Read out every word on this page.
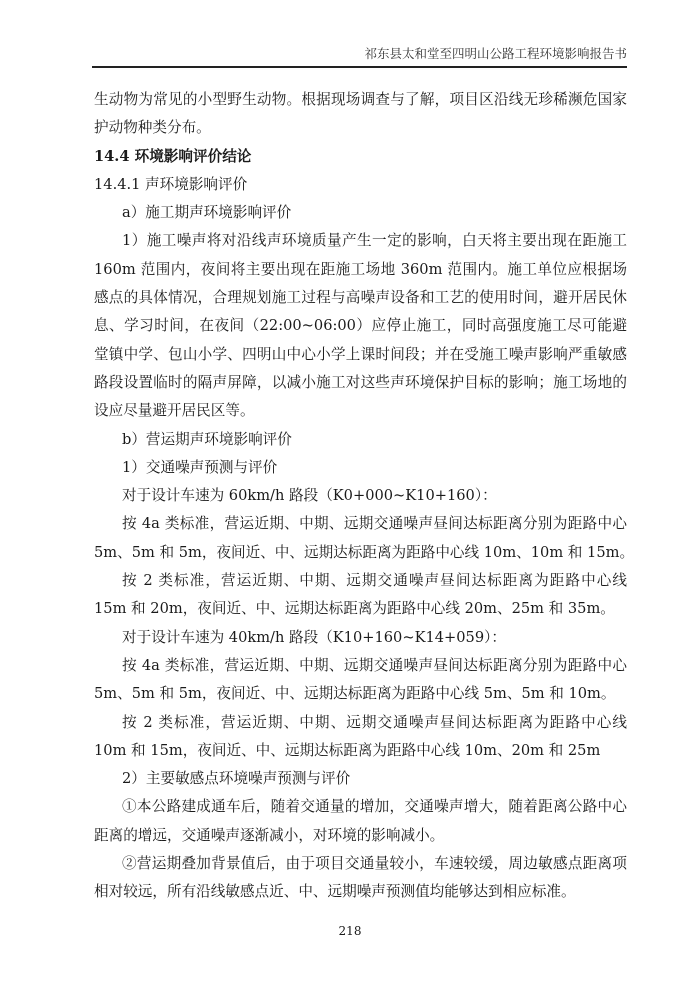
祁东县太和堂至四明山公路工程环境影响报告书
生动物为常见的小型野生动物。根据现场调查与了解，项目区沿线无珍稀濒危国家
护动物种类分布。
14.4 环境影响评价结论
14.4.1 声环境影响评价
a）施工期声环境影响评价
1）施工噪声将对沿线声环境质量产生一定的影响，白天将主要出现在距施工
160m 范围内，夜间将主要出现在距施工场地 360m 范围内。施工单位应根据场
感点的具体情况，合理规划施工过程与高噪声设备和工艺的使用时间，避开居民休
息、学习时间，在夜间（22:00~06:00）应停止施工，同时高强度施工尽可能避
堂镇中学、包山小学、四明山中心小学上课时间段；并在受施工噪声影响严重敏感
路段设置临时的隔声屏障，以减小施工对这些声环境保护目标的影响；施工场地的
设应尽量避开居民区等。
b）营运期声环境影响评价
1）交通噪声预测与评价
对于设计车速为 60km/h 路段（K0+000~K10+160）：
按 4a 类标准，营运近期、中期、远期交通噪声昼间达标距离分别为距路中心
5m、5m 和 5m，夜间近、中、远期达标距离为距路中心线 10m、10m 和 15m。
按 2 类标准，营运近期、中期、远期交通噪声昼间达标距离为距路中心线
15m 和 20m，夜间近、中、远期达标距离为距路中心线 20m、25m 和 35m。
对于设计车速为 40km/h 路段（K10+160~K14+059）：
按 4a 类标准，营运近期、中期、远期交通噪声昼间达标距离分别为距路中心
5m、5m 和 5m，夜间近、中、远期达标距离为距路中心线 5m、5m 和 10m。
按 2 类标准，营运近期、中期、远期交通噪声昼间达标距离为距路中心线
10m 和 15m，夜间近、中、远期达标距离为距路中心线 10m、20m 和 25m
2）主要敏感点环境噪声预测与评价
①本公路建成通车后，随着交通量的增加，交通噪声增大，随着距离公路中心
距离的增远，交通噪声逐渐减小，对环境的影响减小。
②营运期叠加背景值后，由于项目交通量较小，车速较缓，周边敏感点距离项
相对较远，所有沿线敏感点近、中、远期噪声预测值均能够达到相应标准。
218
